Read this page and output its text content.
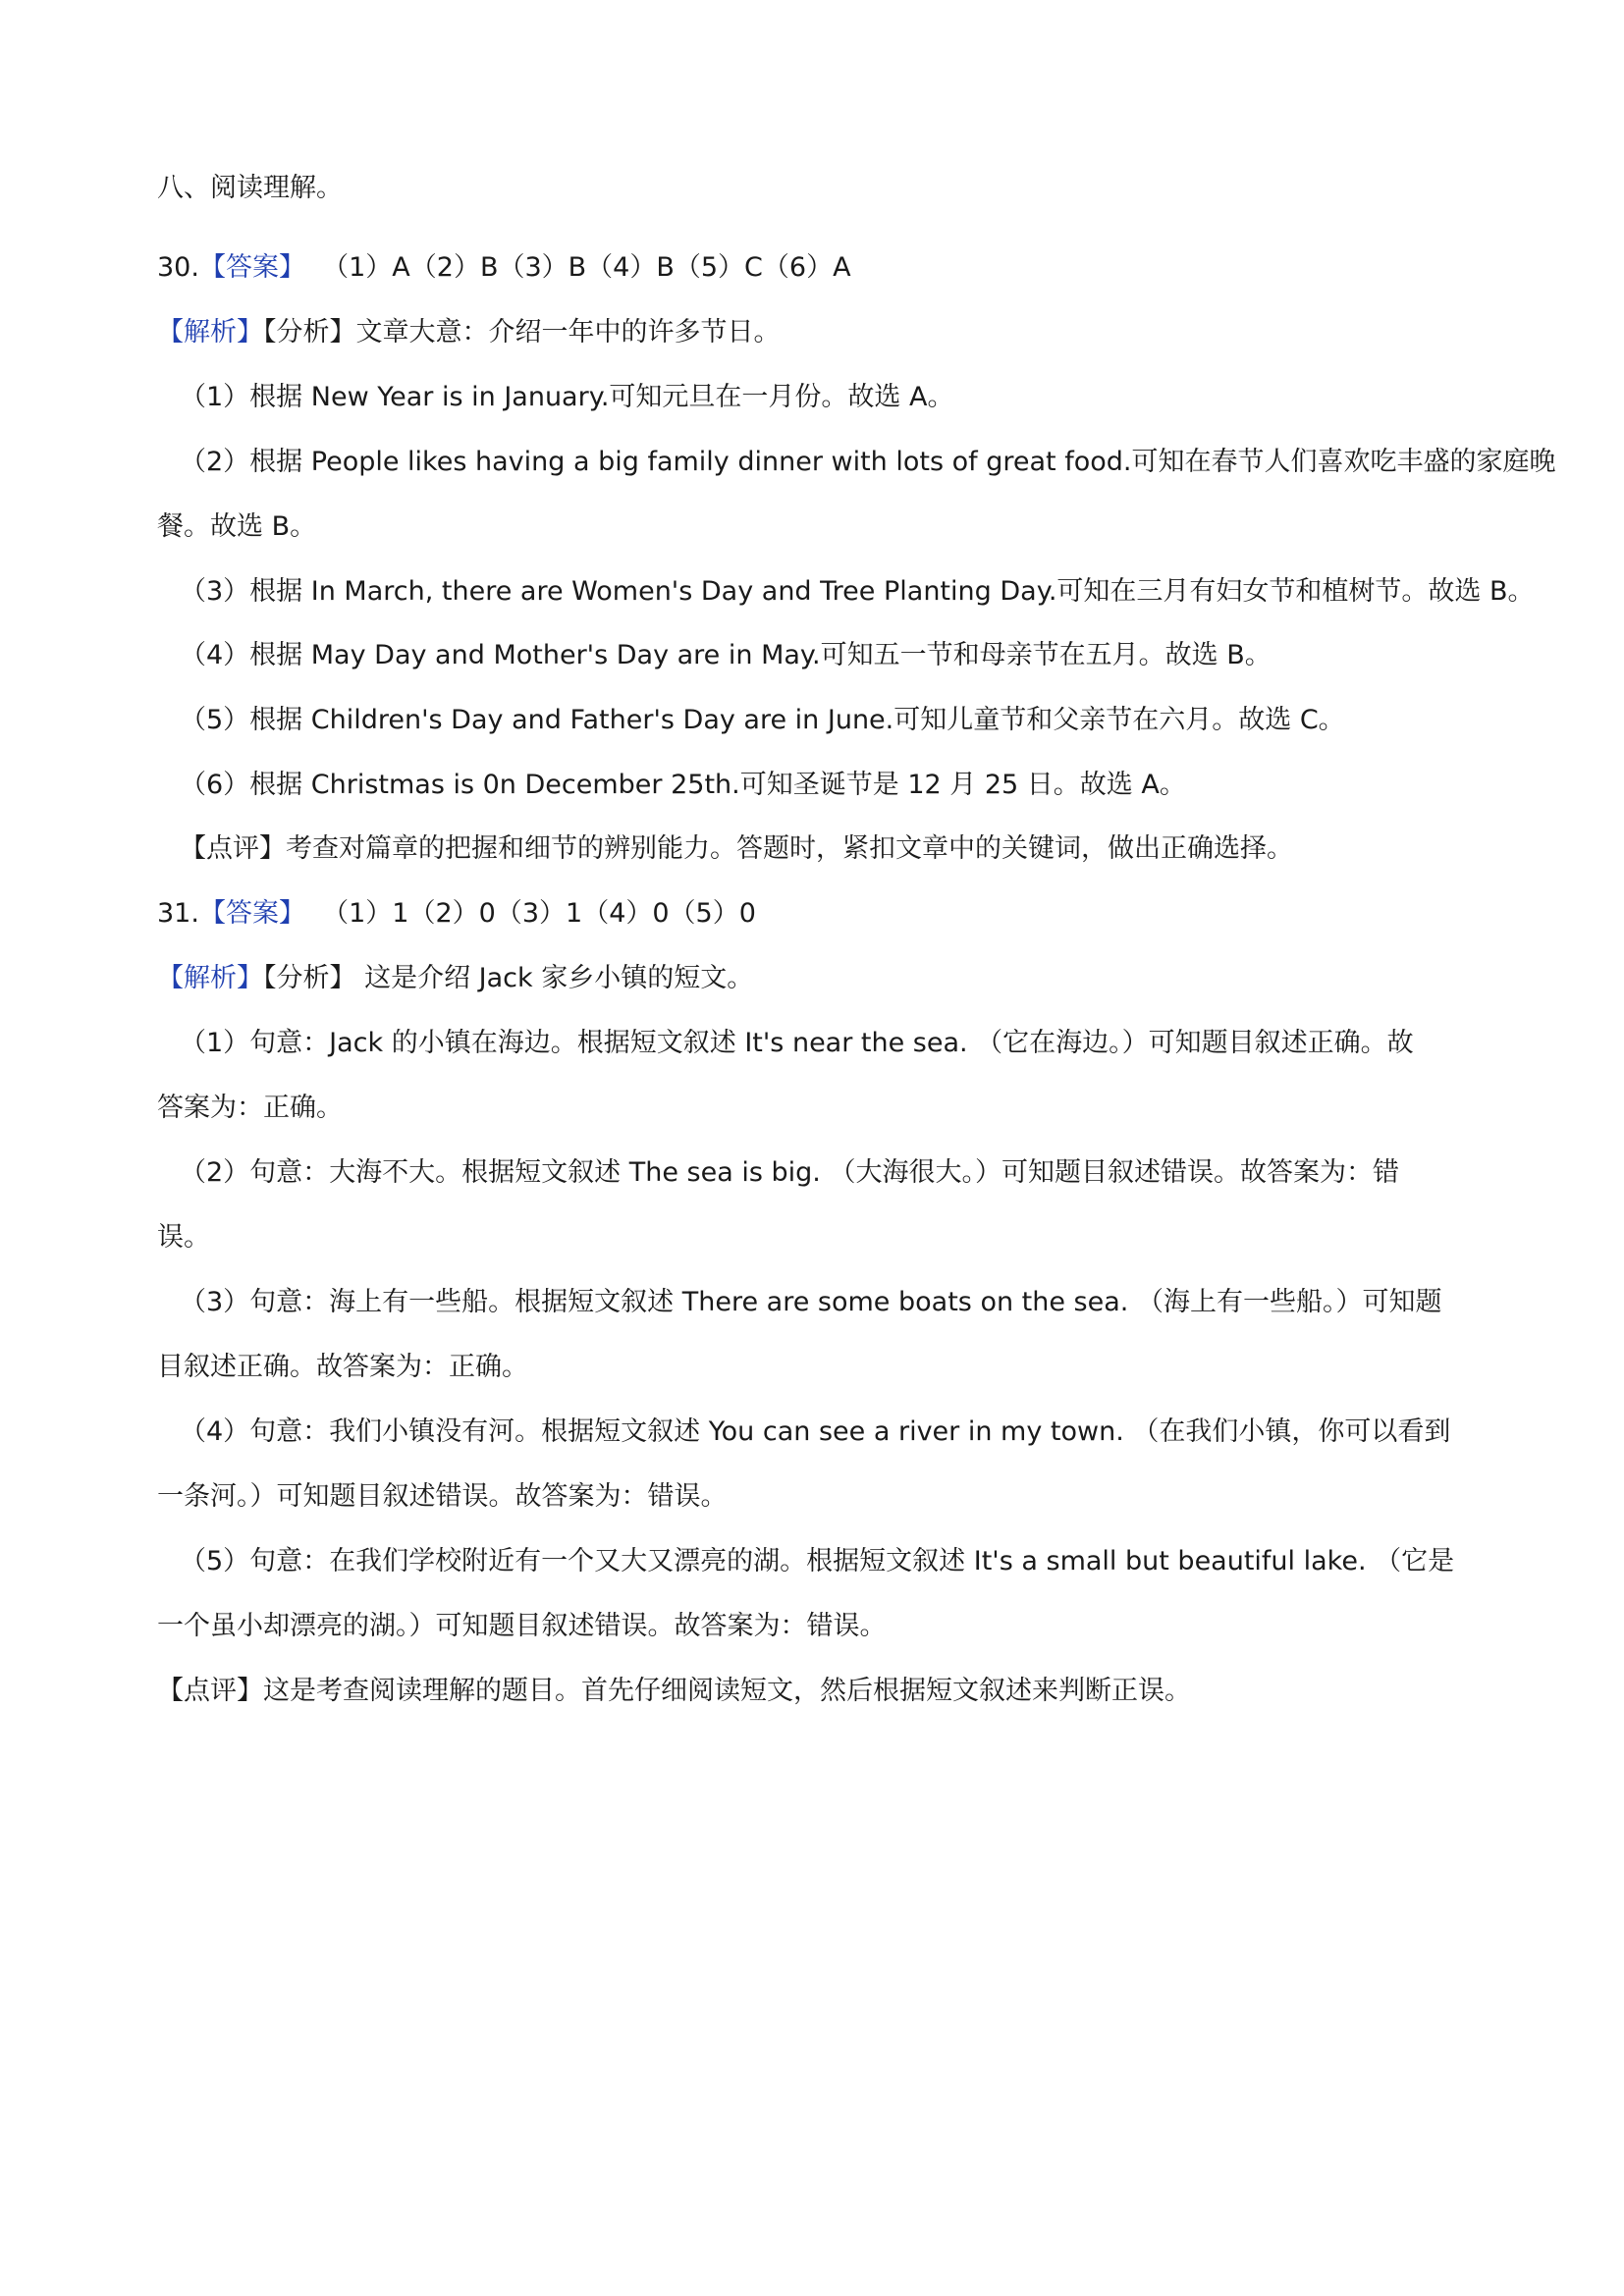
八、阅读理解。
30.【答案】 （1）A（2）B（3）B（4）B（5）C（6）A
【解析】【分析】文章大意：介绍一年中的许多节日。
（1）根据 New Year is in January.可知元旦在一月份。故选 A。
（2）根据 People likes having a big family dinner with lots of great food.可知在春节人们喜欢吃丰盛的家庭晚
餐。故选 B。
（3）根据 In March, there are Women's Day and Tree Planting Day.可知在三月有妇女节和植树节。故选 B。
（4）根据 May Day and Mother's Day are in May.可知五一节和母亲节在五月。故选 B。
（5）根据 Children's Day and Father's Day are in June.可知儿童节和父亲节在六月。故选 C。
（6）根据 Christmas is 0n December 25th.可知圣诞节是 12 月 25 日。故选 A。
【点评】考查对篇章的把握和细节的辨别能力。答题时，紧扣文章中的关键词，做出正确选择。
31.【答案】 （1）1（2）0（3）1（4）0（5）0
【解析】【分析】 这是介绍 Jack 家乡小镇的短文。
（1）句意：Jack 的小镇在海边。根据短文叙述 It's near the sea. （它在海边。）可知题目叙述正确。故
答案为：正确。
（2）句意：大海不大。根据短文叙述 The sea is big. （大海很大。）可知题目叙述错误。故答案为：错
误。
（3）句意：海上有一些船。根据短文叙述 There are some boats on the sea. （海上有一些船。）可知题
目叙述正确。故答案为：正确。
（4）句意：我们小镇没有河。根据短文叙述 You can see a river in my town. （在我们小镇，你可以看到
一条河。）可知题目叙述错误。故答案为：错误。
（5）句意：在我们学校附近有一个又大又漂亮的湖。根据短文叙述 It's a small but beautiful lake. （它是
一个虽小却漂亮的湖。）可知题目叙述错误。故答案为：错误。
【点评】这是考查阅读理解的题目。首先仔细阅读短文，然后根据短文叙述来判断正误。
